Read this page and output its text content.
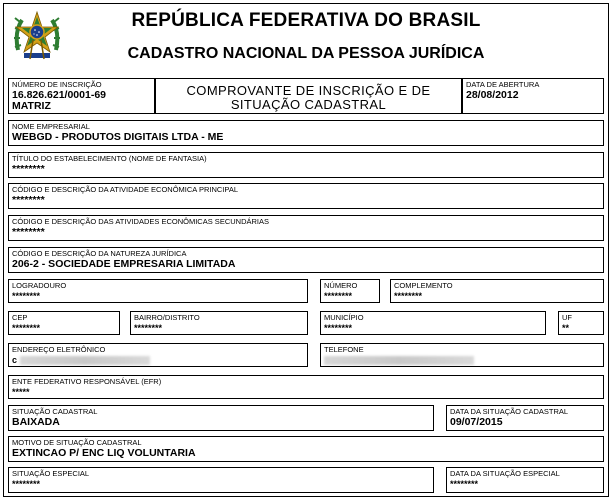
REPÚBLICA FEDERATIVA DO BRASIL
CADASTRO NACIONAL DA PESSOA JURÍDICA
NÚMERO DE INSCRIÇÃO
16.826.621/0001-69
MATRIZ
COMPROVANTE DE INSCRIÇÃO E DE
SITUAÇÃO CADASTRAL
DATA DE ABERTURA
28/08/2012
NOME EMPRESARIAL
WEBGD - PRODUTOS DIGITAIS LTDA - ME
TÍTULO DO ESTABELECIMENTO (NOME DE FANTASIA)
********
CÓDIGO E DESCRIÇÃO DA ATIVIDADE ECONÔMICA PRINCIPAL
********
CÓDIGO E DESCRIÇÃO DAS ATIVIDADES ECONÔMICAS SECUNDÁRIAS
********
CÓDIGO E DESCRIÇÃO DA NATUREZA JURÍDICA
206-2 - SOCIEDADE EMPRESARIA LIMITADA
LOGRADOURO
********
NÚMERO
********
COMPLEMENTO
********
CEP
********
BAIRRO/DISTRITO
********
MUNICÍPIO
********
UF
**
ENDEREÇO ELETRÔNICO
c
TELEFONE
ENTE FEDERATIVO RESPONSÁVEL (EFR)
*****
SITUAÇÃO CADASTRAL
BAIXADA
DATA DA SITUAÇÃO CADASTRAL
09/07/2015
MOTIVO DE SITUAÇÃO CADASTRAL
EXTINCAO P/ ENC LIQ VOLUNTARIA
SITUAÇÃO ESPECIAL
********
DATA DA SITUAÇÃO ESPECIAL
********
